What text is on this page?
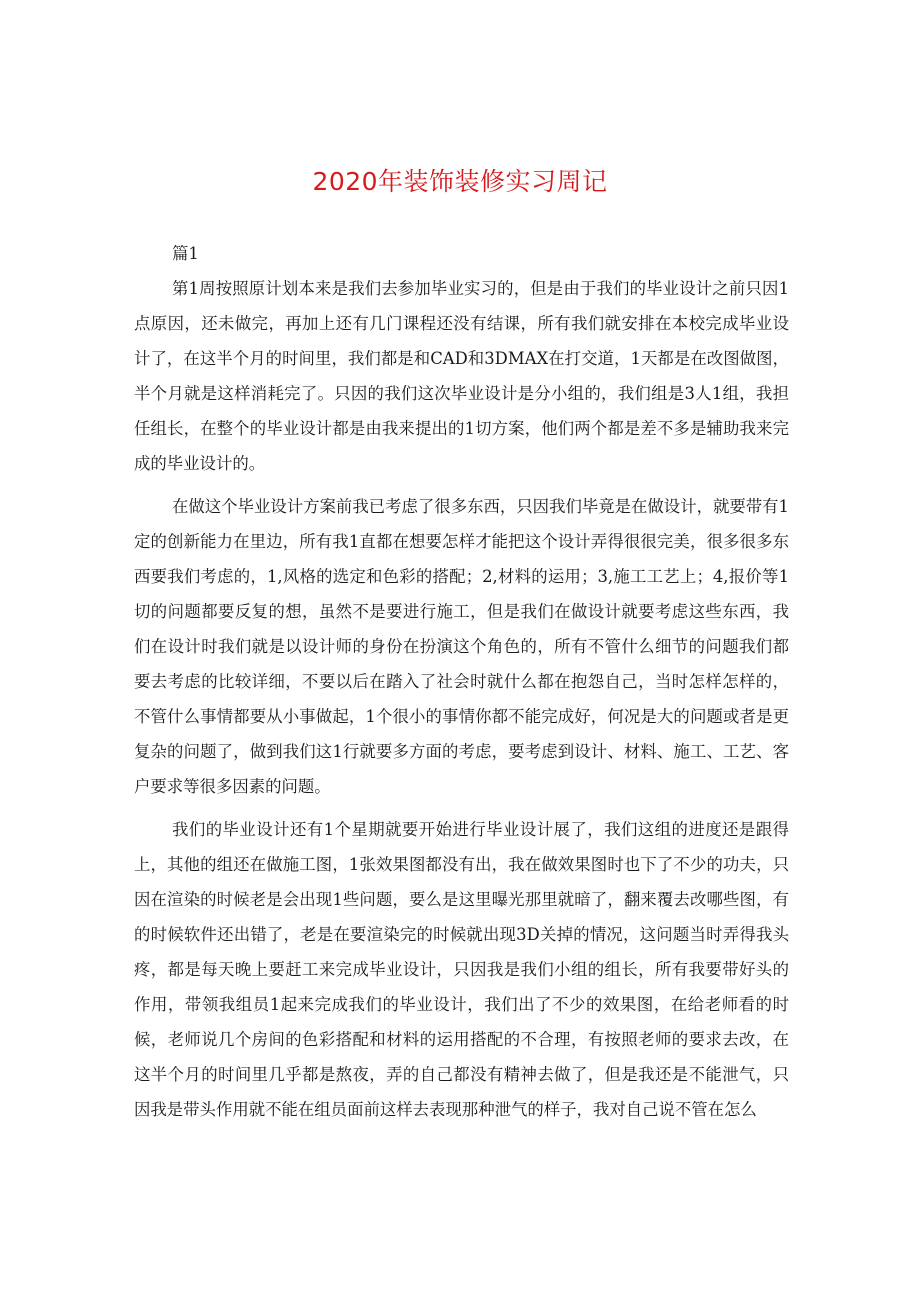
2020年装饰装修实习周记
篇1

第1周按照原计划本来是我们去参加毕业实习的，但是由于我们的毕业设计之前只因1点原因，还未做完，再加上还有几门课程还没有结课，所有我们就安排在本校完成毕业设计了，在这半个月的时间里，我们都是和CAD和3DMAX在打交道，1天都是在改图做图，半个月就是这样消耗完了。只因的我们这次毕业设计是分小组的，我们组是3人1组，我担任组长，在整个的毕业设计都是由我来提出的1切方案，他们两个都是差不多是辅助我来完成的毕业设计的。

在做这个毕业设计方案前我已考虑了很多东西，只因我们毕竟是在做设计，就要带有1定的创新能力在里边，所有我1直都在想要怎样才能把这个设计弄得很很完美，很多很多东西要我们考虑的，1,风格的选定和色彩的搭配；2,材料的运用；3,施工工艺上；4,报价等1切的问题都要反复的想，虽然不是要进行施工，但是我们在做设计就要考虑这些东西，我们在设计时我们就是以设计师的身份在扮演这个角色的，所有不管什么细节的问题我们都要去考虑的比较详细，不要以后在踏入了社会时就什么都在抱怨自己，当时怎样怎样的，不管什么事情都要从小事做起，1个很小的事情你都不能完成好，何况是大的问题或者是更复杂的问题了，做到我们这1行就要多方面的考虑，要考虑到设计、材料、施工、工艺、客户要求等很多因素的问题。

我们的毕业设计还有1个星期就要开始进行毕业设计展了，我们这组的进度还是跟得上，其他的组还在做施工图，1张效果图都没有出，我在做效果图时也下了不少的功夫，只因在渲染的时候老是会出现1些问题，要么是这里曝光那里就暗了，翻来覆去改哪些图，有的时候软件还出错了，老是在要渲染完的时候就出现3D关掉的情况，这问题当时弄得我头疼，都是每天晚上要赶工来完成毕业设计，只因我是我们小组的组长，所有我要带好头的作用，带领我组员1起来完成我们的毕业设计，我们出了不少的效果图，在给老师看的时候，老师说几个房间的色彩搭配和材料的运用搭配的不合理，有按照老师的要求去改，在这半个月的时间里几乎都是熬夜，弄的自己都没有精神去做了，但是我还是不能泄气，只因我是带头作用就不能在组员面前这样去表现那种泄气的样子，我对自己说不管在怎么
